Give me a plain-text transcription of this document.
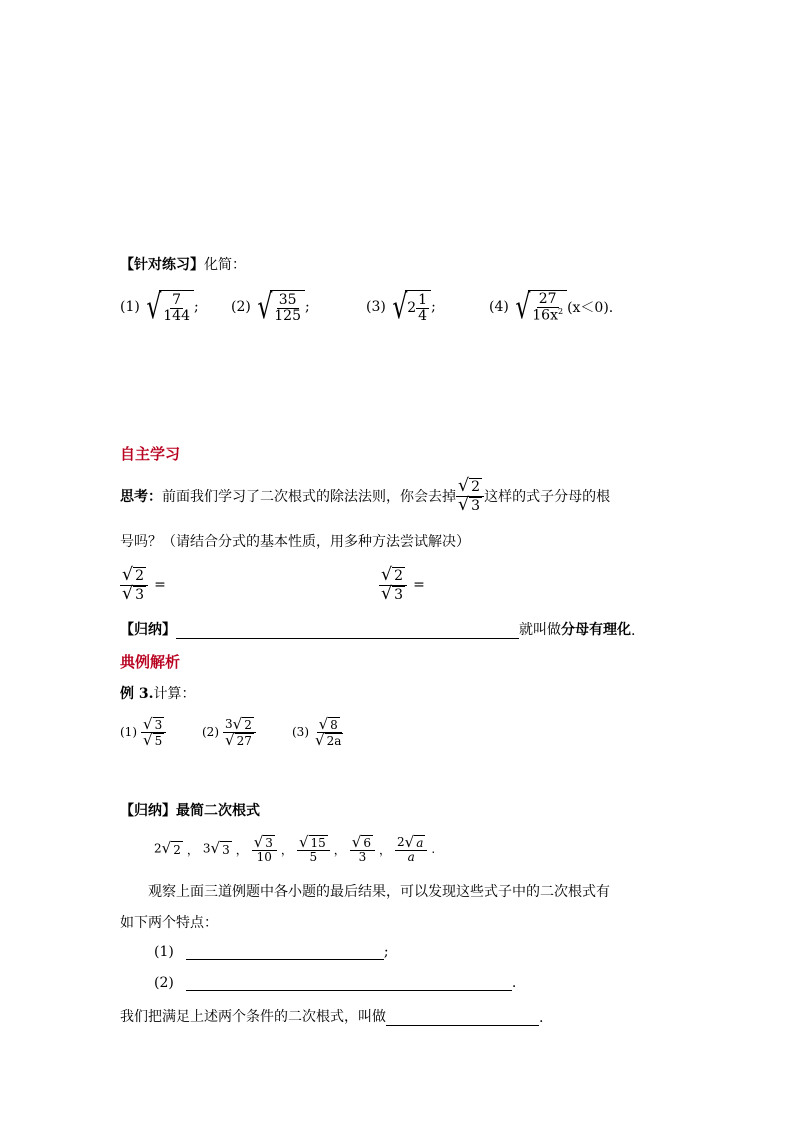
【针对练习】化简：
(1) √ $\frac{7}{144}$ ; (2) √ $\frac{35}{125}$ ;	(3) √ $2 \frac{1}{4}$ ;	(4) √ $\frac{27}{16x^2} (x<0)$.
自主学习
思考： 前面我们学习了二次根式的除法法则，你会去掉 $\frac{√ 2}{√ 3}$ 这样的式子分母的根
号吗？（请结合分式的基本性质，用多种方法尝试解决）
$\frac{√ 2}{√ 3}$ =	$\frac{√ 2}{√ 3}$ =
【归纳】	就叫做 分母有理化 .
典例解析
例 3.计算：
$(1) \frac{√ 3}{√ 5}$	$(2) \frac{3 √ 2}{√ 27}$	$(3) \frac{√ 8}{√ 2a}$
【归纳】最简二次根式
2 √ 2 ， 3 √ 3 ， $\frac{√ 3}{10}$ ， $\frac{√ 15}{5}$ ， $\frac{√ 6}{3}$ ， $\frac{2 √ a}{a}$ .
观察上面三道例题中各小题的最后结果，可以发现这些式子中的二次根式有
如下两个特点：
(1)	;
(2)	.
我们把满足上述两个条件的二次根式，叫做	.
